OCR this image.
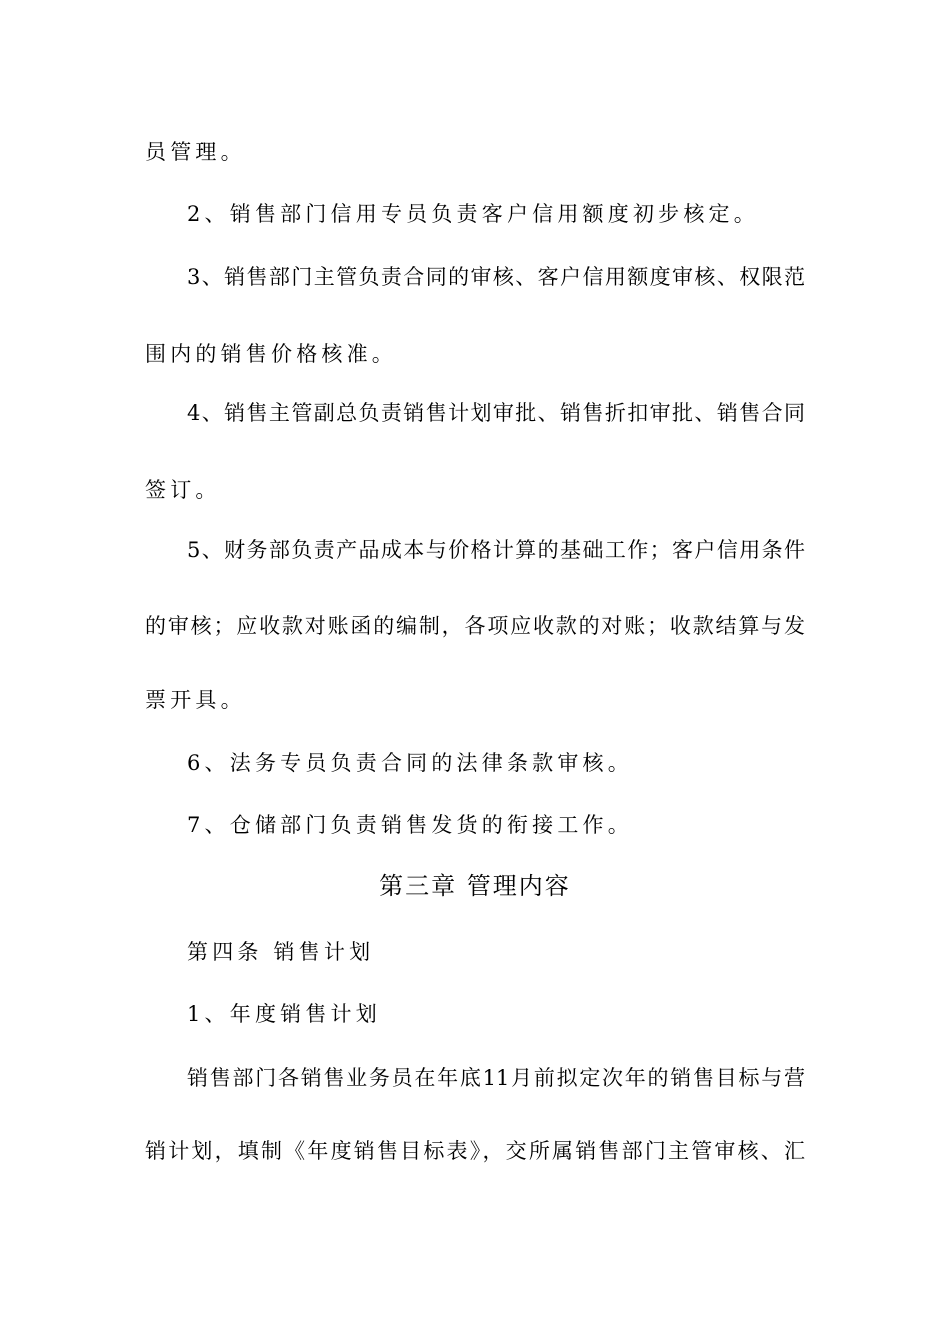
员管理。
2、销售部门信用专员负责客户信用额度初步核定。
3、销售部门主管负责合同的审核、客户信用额度审核、权限范
围内的销售价格核准。
4、销售主管副总负责销售计划审批、销售折扣审批、销售合同
签订。
5、财务部负责产品成本与价格计算的基础工作；客户信用条件
的审核；应收款对账函的编制，各项应收款的对账；收款结算与发
票开具。
6、法务专员负责合同的法律条款审核。
7、仓储部门负责销售发货的衔接工作。
第三章 管理内容
第四条 销售计划
1、年度销售计划
销售部门各销售业务员在年底11月前拟定次年的销售目标与营
销计划，填制《年度销售目标表》，交所属销售部门主管审核、汇
